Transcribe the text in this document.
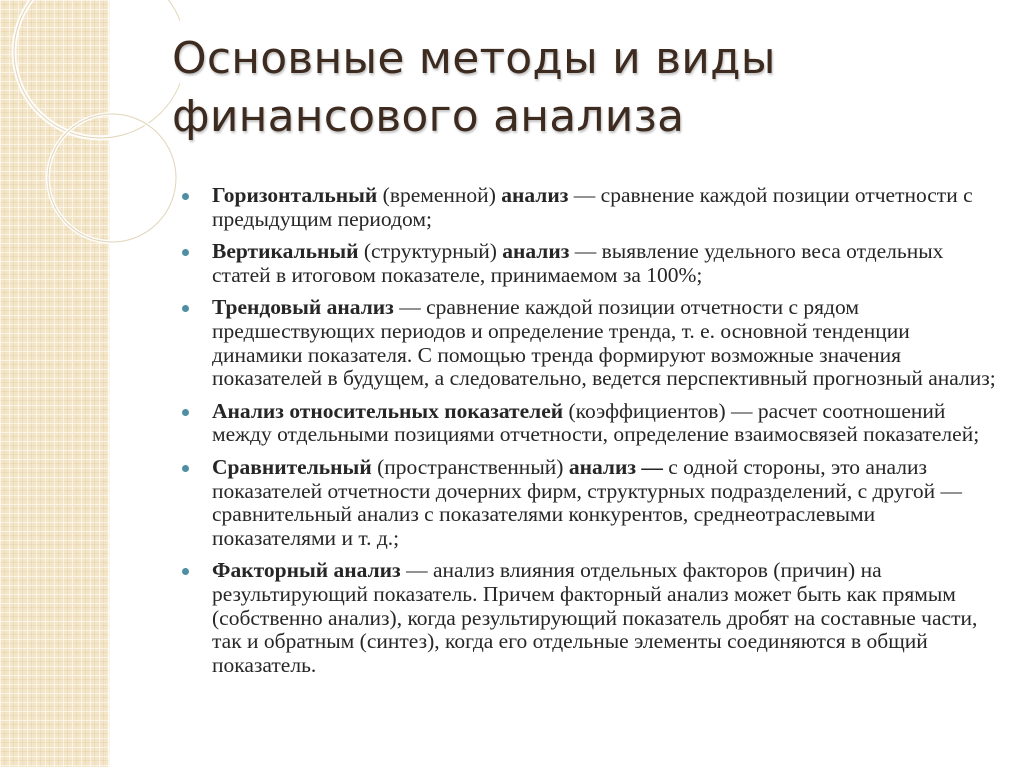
Основные методы и виды финансового анализа
Горизонтальный (временной) анализ — сравнение каждой позиции отчетности с предыдущим периодом;
Вертикальный (структурный) анализ — выявление удельного веса отдельных статей в итоговом показателе, принимаемом за 100%;
Трендовый анализ — сравнение каждой позиции отчетности с рядом предшествующих периодов и определение тренда, т. е. основной тенденции динамики показателя. С помощью тренда формируют возможные значения показателей в будущем, а следовательно, ведется перспективный прогнозный анализ;
Анализ относительных показателей (коэффициентов) — расчет соотношений между отдельными позициями отчетности, определение взаимосвязей показателей;
Сравнительный (пространственный) анализ — с одной стороны, это анализ показателей отчетности дочерних фирм, структурных подразделений, с другой — сравнительный анализ с показателями конкурентов, среднеотраслевыми показателями и т. д.;
Факторный анализ — анализ влияния отдельных факторов (причин) на результирующий показатель. Причем факторный анализ может быть как прямым (собственно анализ), когда результирующий показатель дробят на составные части, так и обратным (синтез), когда его отдельные элементы соединяются в общий показатель.
